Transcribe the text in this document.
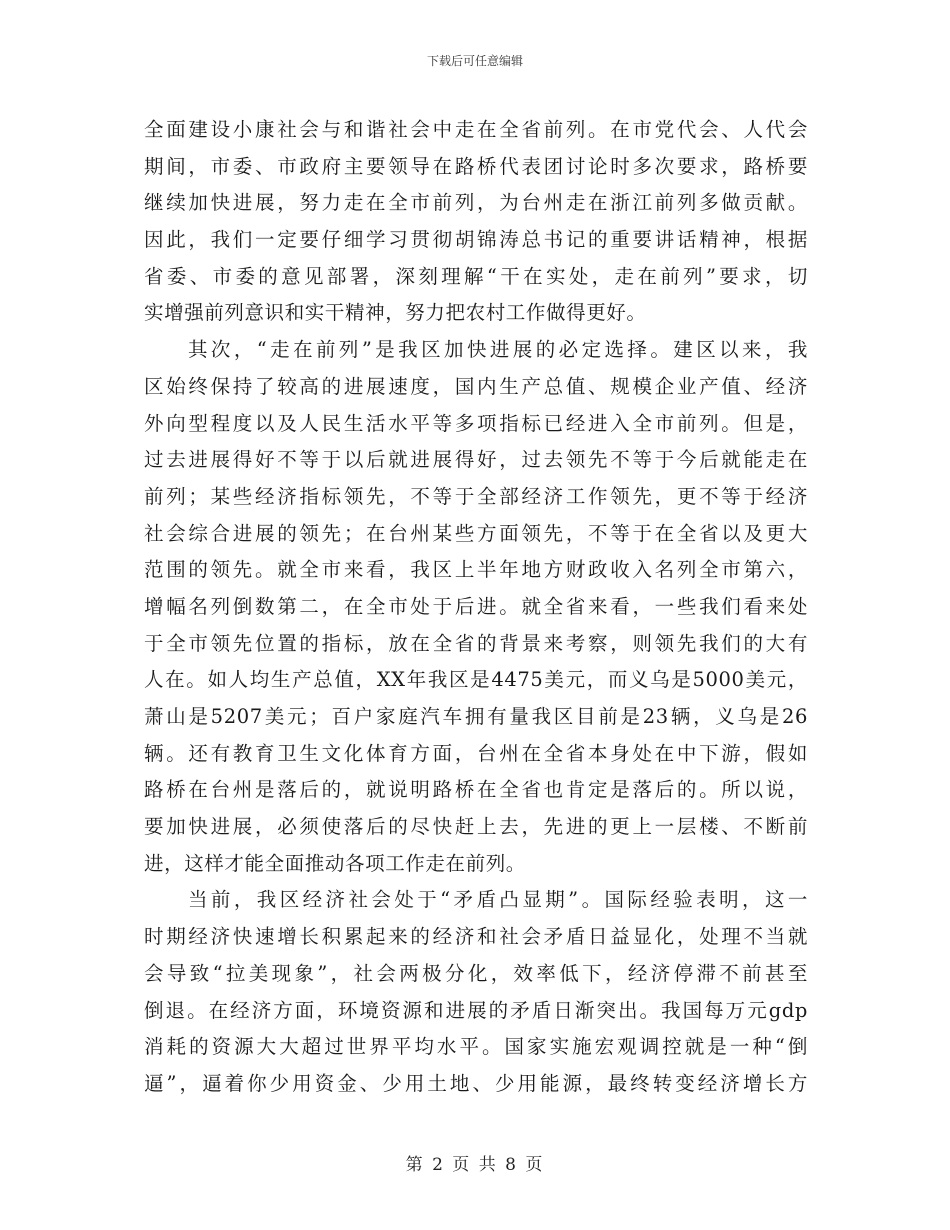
下载后可任意编辑
全面建设小康社会与和谐社会中走在全省前列。在市党代会、人代会
期间，市委、市政府主要领导在路桥代表团讨论时多次要求，路桥要
继续加快进展，努力走在全市前列，为台州走在浙江前列多做贡献。
因此，我们一定要仔细学习贯彻胡锦涛总书记的重要讲话精神，根据
省委、市委的意见部署，深刻理解“干在实处，走在前列”要求，切
实增强前列意识和实干精神，努力把农村工作做得更好。
其次，“走在前列”是我区加快进展的必定选择。建区以来，我
区始终保持了较高的进展速度，国内生产总值、规模企业产值、经济
外向型程度以及人民生活水平等多项指标已经进入全市前列。但是，
过去进展得好不等于以后就进展得好，过去领先不等于今后就能走在
前列；某些经济指标领先，不等于全部经济工作领先，更不等于经济
社会综合进展的领先；在台州某些方面领先，不等于在全省以及更大
范围的领先。就全市来看，我区上半年地方财政收入名列全市第六，
增幅名列倒数第二，在全市处于后进。就全省来看，一些我们看来处
于全市领先位置的指标，放在全省的背景来考察，则领先我们的大有
人在。如人均生产总值，XX年我区是4475美元，而义乌是5000美元，
萧山是5207美元；百户家庭汽车拥有量我区目前是23辆，义乌是26
辆。还有教育卫生文化体育方面，台州在全省本身处在中下游，假如
路桥在台州是落后的，就说明路桥在全省也肯定是落后的。所以说，
要加快进展，必须使落后的尽快赶上去，先进的更上一层楼、不断前
进，这样才能全面推动各项工作走在前列。
当前，我区经济社会处于“矛盾凸显期”。国际经验表明，这一
时期经济快速增长积累起来的经济和社会矛盾日益显化，处理不当就
会导致“拉美现象”，社会两极分化，效率低下，经济停滞不前甚至
倒退。在经济方面，环境资源和进展的矛盾日渐突出。我国每万元gdp
消耗的资源大大超过世界平均水平。国家实施宏观调控就是一种“倒
逼”，逼着你少用资金、少用土地、少用能源，最终转变经济增长方
第 2 页 共 8 页
